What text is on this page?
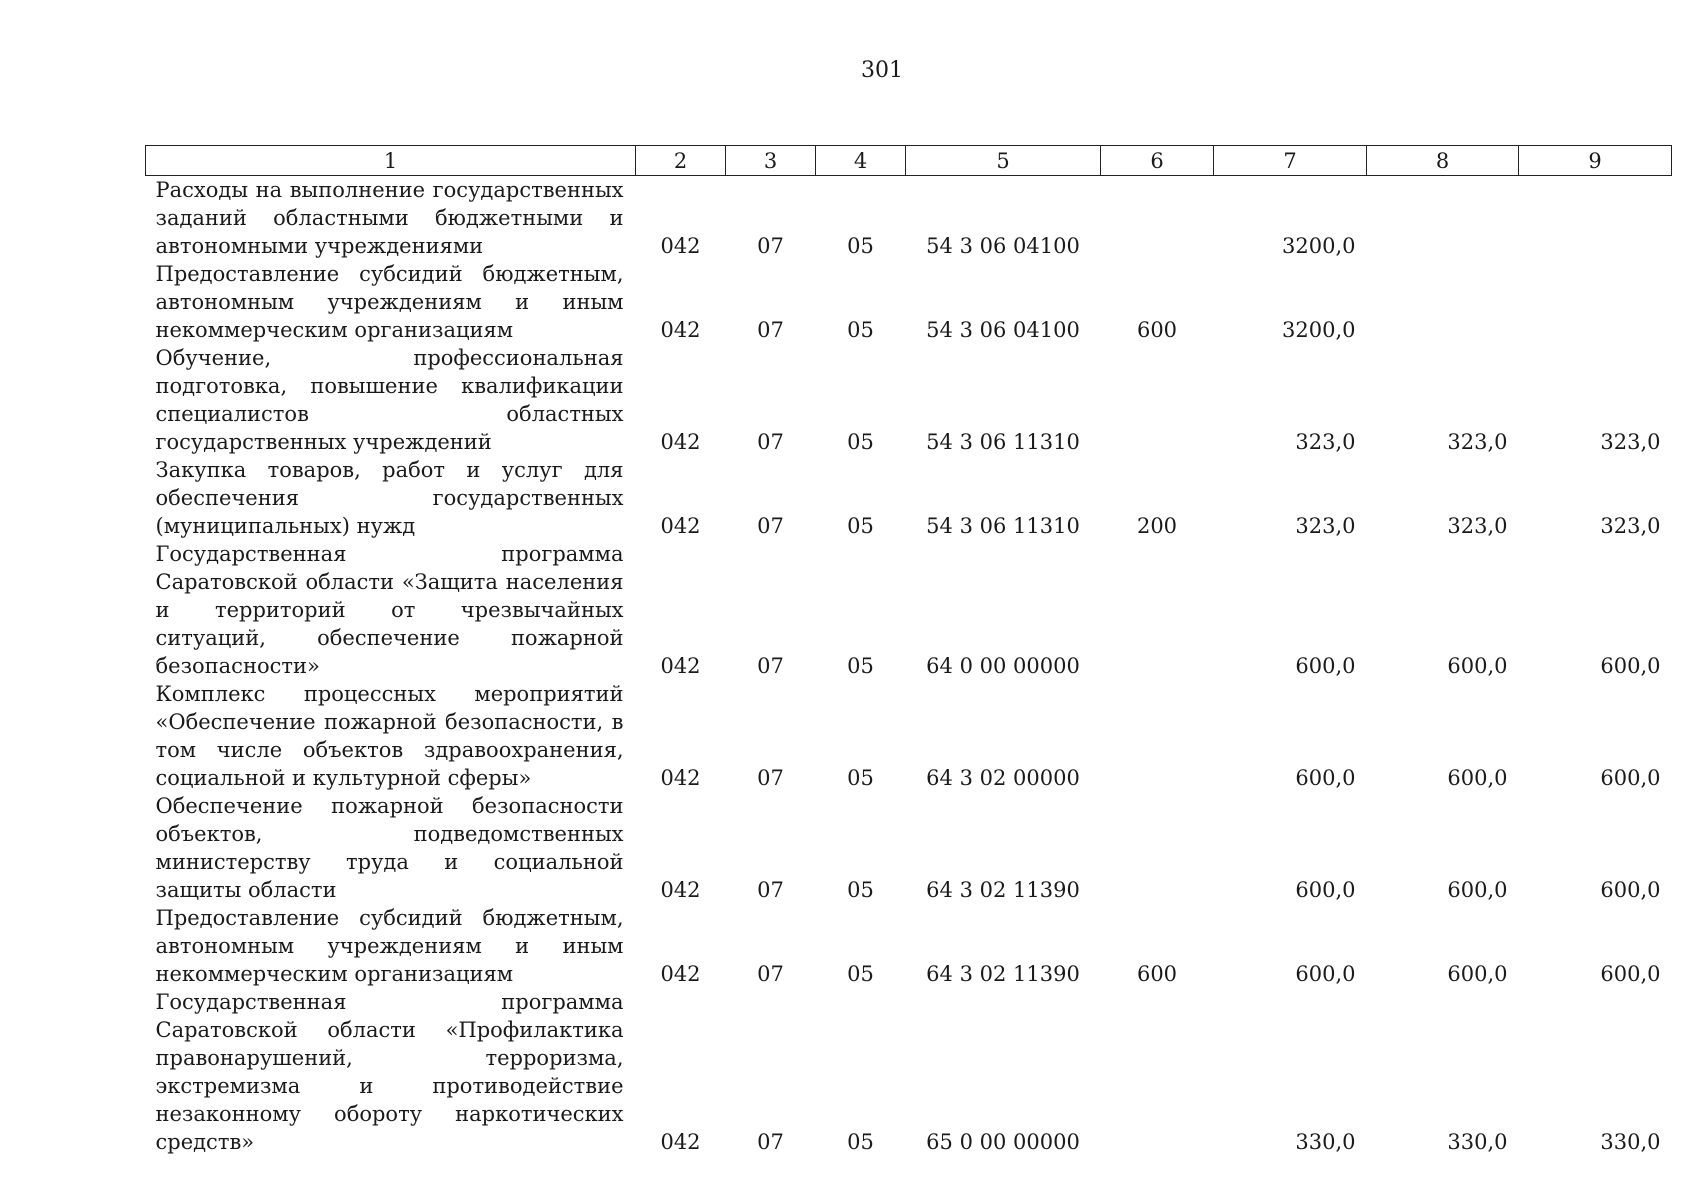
301
1	2	3	4	5	6	7	8	9
Расходы на выполнение государственных заданий областными бюджетными и автономными учреждениями	042	07	05	54 3 06 04100		3200,0		
Предоставление субсидий бюджетным, автономным учреждениям и иным некоммерческим организациям	042	07	05	54 3 06 04100	600	3200,0		
Обучение, профессиональная подготовка, повышение квалификации специалистов областных государственных учреждений	042	07	05	54 3 06 11310		323,0	323,0	323,0
Закупка товаров, работ и услуг для обеспечения государственных (муниципальных) нужд	042	07	05	54 3 06 11310	200	323,0	323,0	323,0
Государственная программа Саратовской области «Защита населения и территорий от чрезвычайных ситуаций, обеспечение пожарной безопасности»	042	07	05	64 0 00 00000		600,0	600,0	600,0
Комплекс процессных мероприятий «Обеспечение пожарной безопасности, в том числе объектов здравоохранения, социальной и культурной сферы»	042	07	05	64 3 02 00000		600,0	600,0	600,0
Обеспечение пожарной безопасности объектов, подведомственных министерству труда и социальной защиты области	042	07	05	64 3 02 11390		600,0	600,0	600,0
Предоставление субсидий бюджетным, автономным учреждениям и иным некоммерческим организациям	042	07	05	64 3 02 11390	600	600,0	600,0	600,0
Государственная программа Саратовской области «Профилактика правонарушений, терроризма, экстремизма и противодействие незаконному обороту наркотических средств»	042	07	05	65 0 00 00000		330,0	330,0	330,0
